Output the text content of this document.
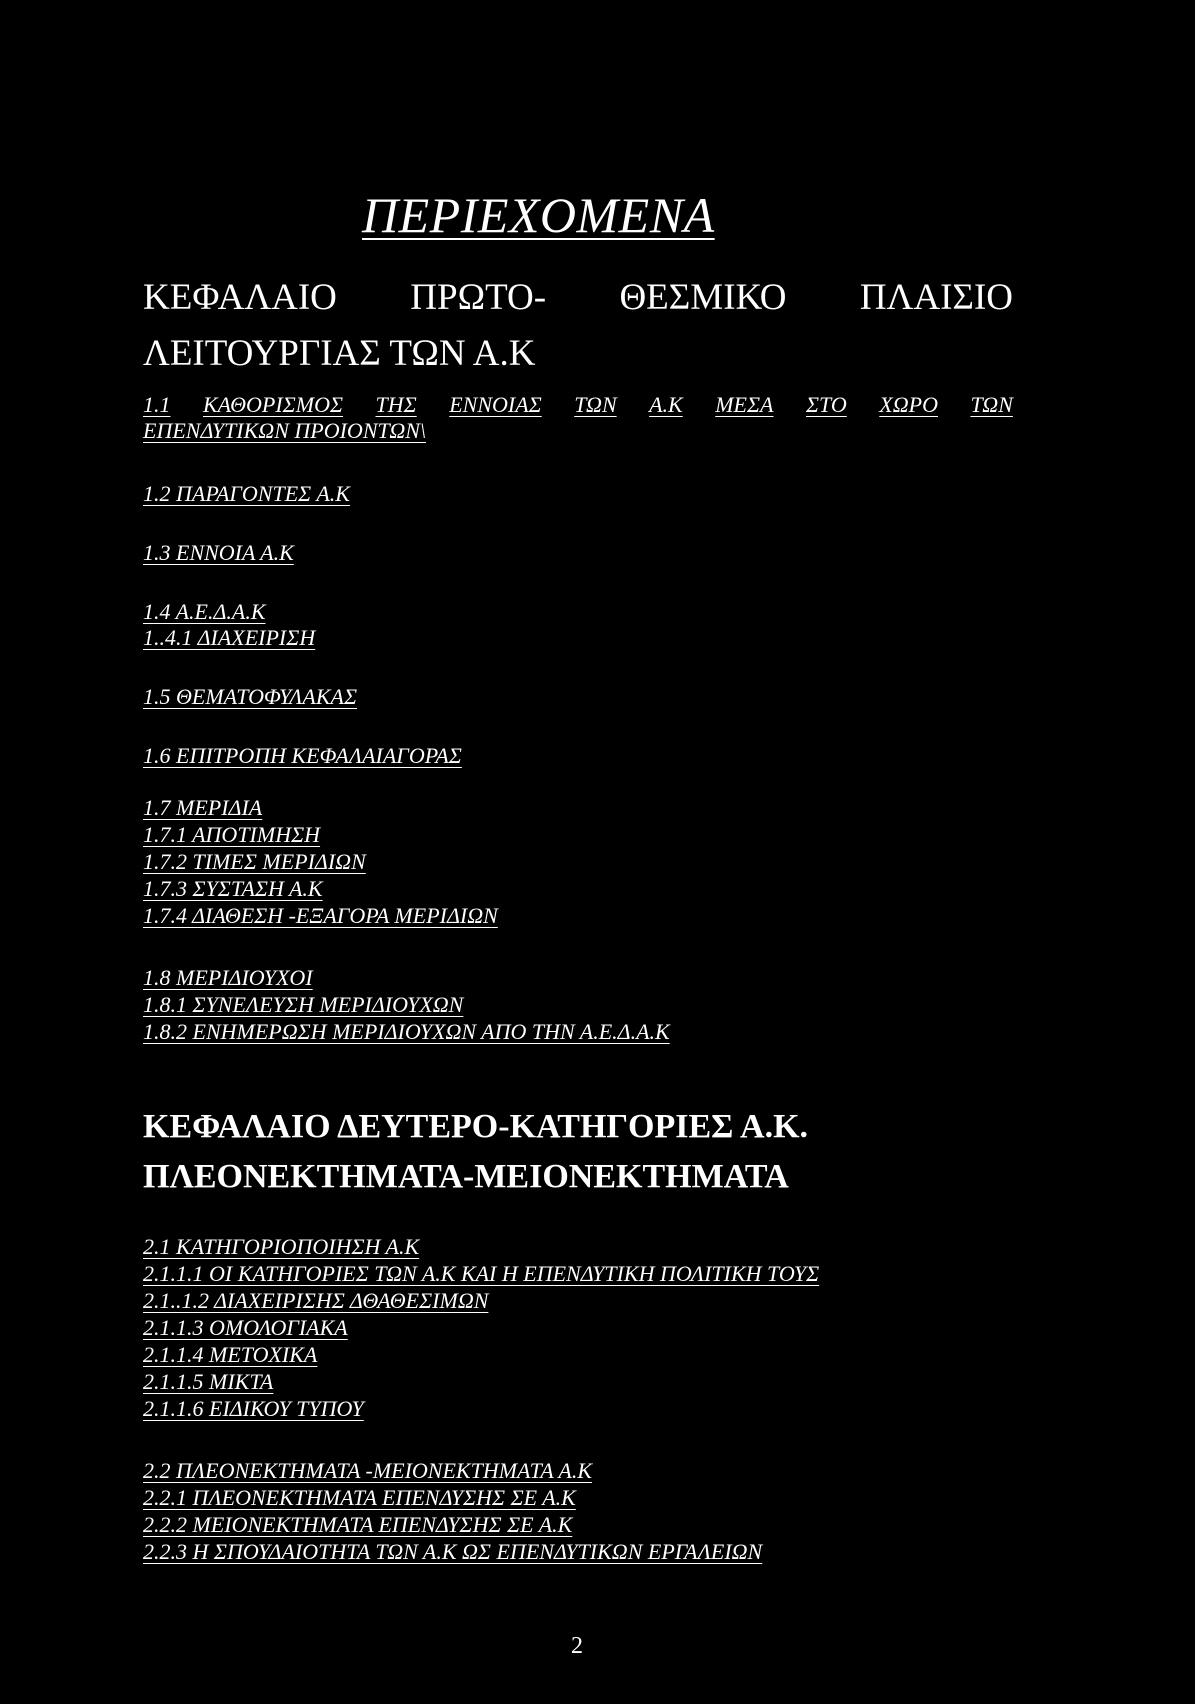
ΠΕΡΙΕΧΟΜΕΝΑ
ΚΕΦΑΛΑΙΟ ΠΡΩΤΟ- ΘΕΣΜΙΚΟ ΠΛΑΙΣΙΟ
ΛΕΙΤΟΥΡΓΙΑΣ ΤΩΝ Α.Κ
1.1 ΚΑΘΟΡΙΣΜΟΣ ΤΗΣ ΕΝΝΟΙΑΣ ΤΩΝ Α.Κ ΜΕΣΑ ΣΤΟ ΧΩΡΟ ΤΩΝ
ΕΠΕΝΔΥΤΙΚΩΝ ΠΡΟΙΟΝΤΩΝ\
1.2 ΠΑΡΑΓΟΝΤΕΣ Α.Κ
1.3 ΕΝΝΟΙΑ Α.Κ
1.4 Α.Ε.Δ.Α.Κ
1..4.1 ΔΙΑΧΕΙΡΙΣΗ
1.5 ΘΕΜΑΤΟΦΥΛΑΚΑΣ
1.6 ΕΠΙΤΡΟΠΗ ΚΕΦΑΛΑΙΑΓΟΡΑΣ
1.7 ΜΕΡΙΔΙΑ
1.7.1 ΑΠΟΤΙΜΗΣΗ
1.7.2 ΤΙΜΕΣ ΜΕΡΙΔΙΩΝ
1.7.3 ΣΥΣΤΑΣΗ Α.Κ
1.7.4 ΔΙΑΘΕΣΗ -ΕΞΑΓΟΡΑ ΜΕΡΙΔΙΩΝ
1.8 ΜΕΡΙΔΙΟΥΧΟΙ
1.8.1 ΣΥΝΕΛΕΥΣΗ ΜΕΡΙΔΙΟΥΧΩΝ
1.8.2 ΕΝΗΜΕΡΩΣΗ ΜΕΡΙΔΙΟΥΧΩΝ ΑΠΟ ΤΗΝ Α.Ε.Δ.Α.Κ
ΚΕΦΑΛΑΙΟ ΔΕΥΤΕΡΟ-ΚΑΤΗΓΟΡΙΕΣ Α.Κ.
ΠΛΕΟΝΕΚΤΗΜΑΤΑ-ΜΕΙΟΝΕΚΤΗΜΑΤΑ
2.1 ΚΑΤΗΓΟΡΙΟΠΟΙΗΣΗ Α.Κ
2.1.1.1 ΟΙ ΚΑΤΗΓΟΡΙΕΣ ΤΩΝ Α.Κ ΚΑΙ Η ΕΠΕΝΔΥΤΙΚΗ ΠΟΛΙΤΙΚΗ ΤΟΥΣ
2.1..1.2 ΔΙΑΧΕΙΡΙΣΗΣ ΔΘΑΘΕΣΙΜΩΝ
2.1.1.3 ΟΜΟΛΟΓΙΑΚΑ
2.1.1.4 ΜΕΤΟΧΙΚΑ
2.1.1.5 ΜΙΚΤΑ
2.1.1.6 ΕΙΔΙΚΟΥ ΤΥΠΟΥ
2.2 ΠΛΕΟΝΕΚΤΗΜΑΤΑ -ΜΕΙΟΝΕΚΤΗΜΑΤΑ Α.Κ
2.2.1 ΠΛΕΟΝΕΚΤΗΜΑΤΑ ΕΠΕΝΔΥΣΗΣ ΣΕ Α.Κ
2.2.2 ΜΕΙΟΝΕΚΤΗΜΑΤΑ ΕΠΕΝΔΥΣΗΣ ΣΕ Α.Κ
2.2.3 Η ΣΠΟΥΔΑΙΟΤΗΤΑ ΤΩΝ Α.Κ ΩΣ ΕΠΕΝΔΥΤΙΚΩΝ ΕΡΓΑΛΕΙΩΝ
2
